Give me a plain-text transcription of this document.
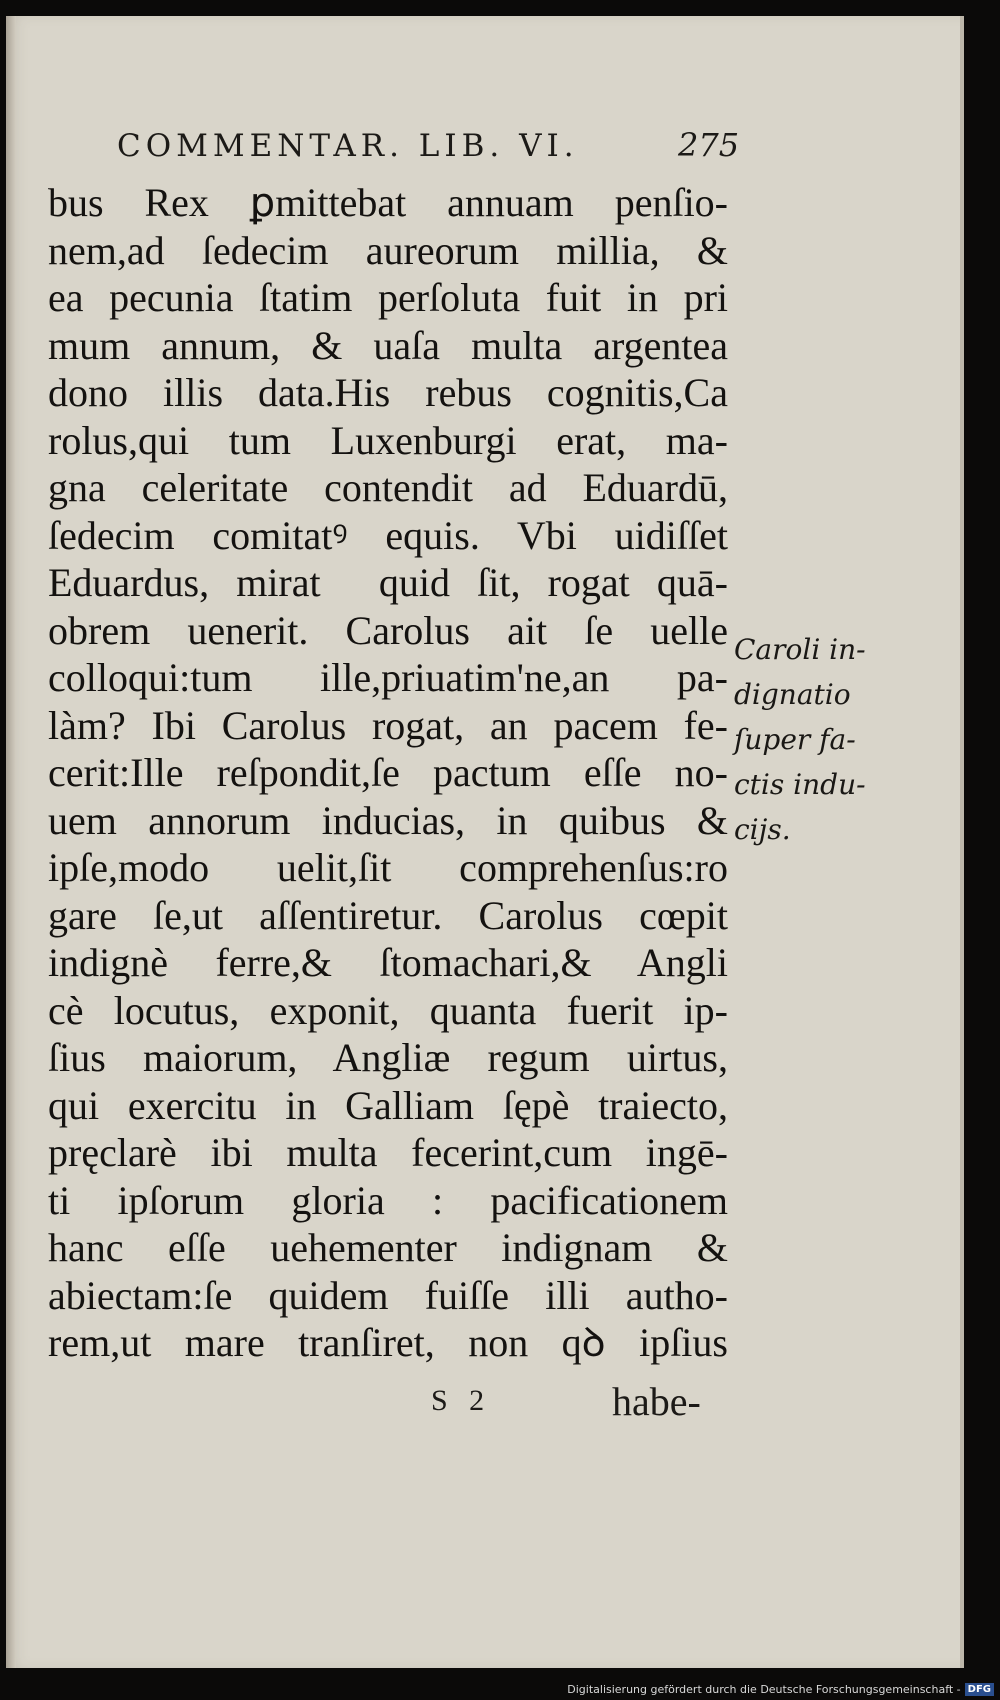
COMMENTAR. LIB. VI.	275
bus Rex ꝑmittebat annuam penſio-
nem,ad ſedecim aureorum millia, &
ea pecunia ſtatim perſoluta fuit in pri
mum annum, & uaſa multa argentea
dono illis data.His rebus cognitis,Ca
rolus,qui tum Luxenburgi erat, ma-
gna celeritate contendit ad Eduardū,
ſedecim comitatꝰ equis. Vbi uidiſſet
Eduardus, miratᷓ quid ſit, rogat quā-
obrem uenerit. Carolus ait ſe uelle
colloqui:tum ille,priuatim'ne,an pa-
làm? Ibi Carolus rogat, an pacem fe-
cerit:Ille reſpondit,ſe pactum eſſe no-
uem annorum inducias, in quibus &
ipſe,modo uelit,ſit comprehenſus:ro
gare ſe,ut aſſentiretur. Carolus cœpit
indignè ferre,& ſtomachari,& Angli
cè locutus, exponit, quanta fuerit ip-
ſius maiorum, Angliæ regum uirtus,
qui exercitu in Galliam ſępè traiecto,
pręclarè ibi multa fecerint,cum ingē-
ti ipſorum gloria : pacificationem
hanc eſſe uehementer indignam &
abiectam:ſe quidem fuiſſe illi autho-
rem,ut mare tranſiret, non qꝺ ipſius
Caroli in-
dignatio
ſuper fa-
ctis indu-
cijs.
S 2	habe-
Digitalisierung gefördert durch die Deutsche Forschungsgemeinschaft - DFG
